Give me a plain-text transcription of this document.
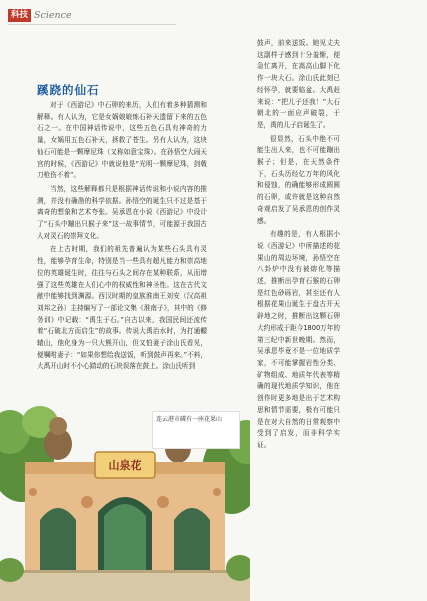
科技 Science
蹊跷的仙石

对于《西游记》中石卵的来历，人们有着多种猜测和解释。有人认为，它是女娲娘娘炼石补天遗留下来的五色石之一。在中国神话传说中，这些五色石具有神奇的力量，女娲用五色石补天，拯救了苍生。另有人认为，这块仙石可能是一颗摩尼珠（又称如意宝珠）。在孙悟空大闹天宫的时候，《西游记》中就说他是“光明一颗摩尼珠，剑戟刀枪伤不着”。

当然，这些解释都只是根据神话传说和小说内容的推测，并没有确凿的科学依据。孙悟空的诞生只不过是基于离奇的想象和艺术夸张。吴承恩在小说《西游记》中设计了“石头中蹦出只猴子来”这一故事情节，可能源于我国古人对灵石的崇拜文化。

在上古时期，我们的祖先普遍认为某些石头具有灵性，能够孕育生命，特别是当一些具有超凡能力和崇高地位的英雄诞生时，往往与石头之间存在某种联系，从而增强了这些英雄在人们心中的权威性和神圣性。这在古代文献中能够找到渊源。西汉时期的皇族淮南王刘安（汉高祖刘邦之孙）主持编写了一部论文集《淮南子》，其中的《修务训》中记载：“禹生于石。”自古以来，我国民间还流传着“石破北方而启生”的故事。传说大禹治水时，为打通轘辕山，他化身为一只大熊开山，但又怕妻子涂山氏看见，便嘱咐妻子：“如果你想给我送饭，听到鼓声再来。”不料，大禹开山时不小心踏动的石块误落在鼓上。涂山氏听到

鼓声，前来送饭。她见丈夫这副样子感到十分羞惭，便急忙离开，在嵩高山脚下化作一块大石。涂山氏此刻已经怀孕，就要临盆。大禹赶来说：“把儿子还我！”大石朝北的一面应声破裂，于是，禹的儿子启诞生了。

很显然，石头中绝不可能生出人来，也不可能蹦出猴子；但是，在天然条件下，石头历经亿万年的风化和侵蚀，的确能够形成圆圆的石卵，或许就是这种自然奇观启发了吴承恩的创作灵感。

有趣的是，有人根据小说《西游记》中所描述的花果山的周边环境，孙悟空在八卦炉中没有被熔化等描述，推断出孕育石猴的石卵是红色砂砾岩，甚至还有人根据花果山诞生于盘古开天辟地之时，推断出这颗石卵大约形成于距今1800万年的第三纪中新世晚期。然而，吴承恩毕竟不是一位地质学家，不可能掌握岩性分类、矿物组成、地质年代表等精确的现代地质学知识，他在创作时更多地是出于艺术构思和情节需要，极有可能只是在对大自然的日常观察中受到了启发，而非科学实证。

山泉花
连云港市磷有一座花果山
